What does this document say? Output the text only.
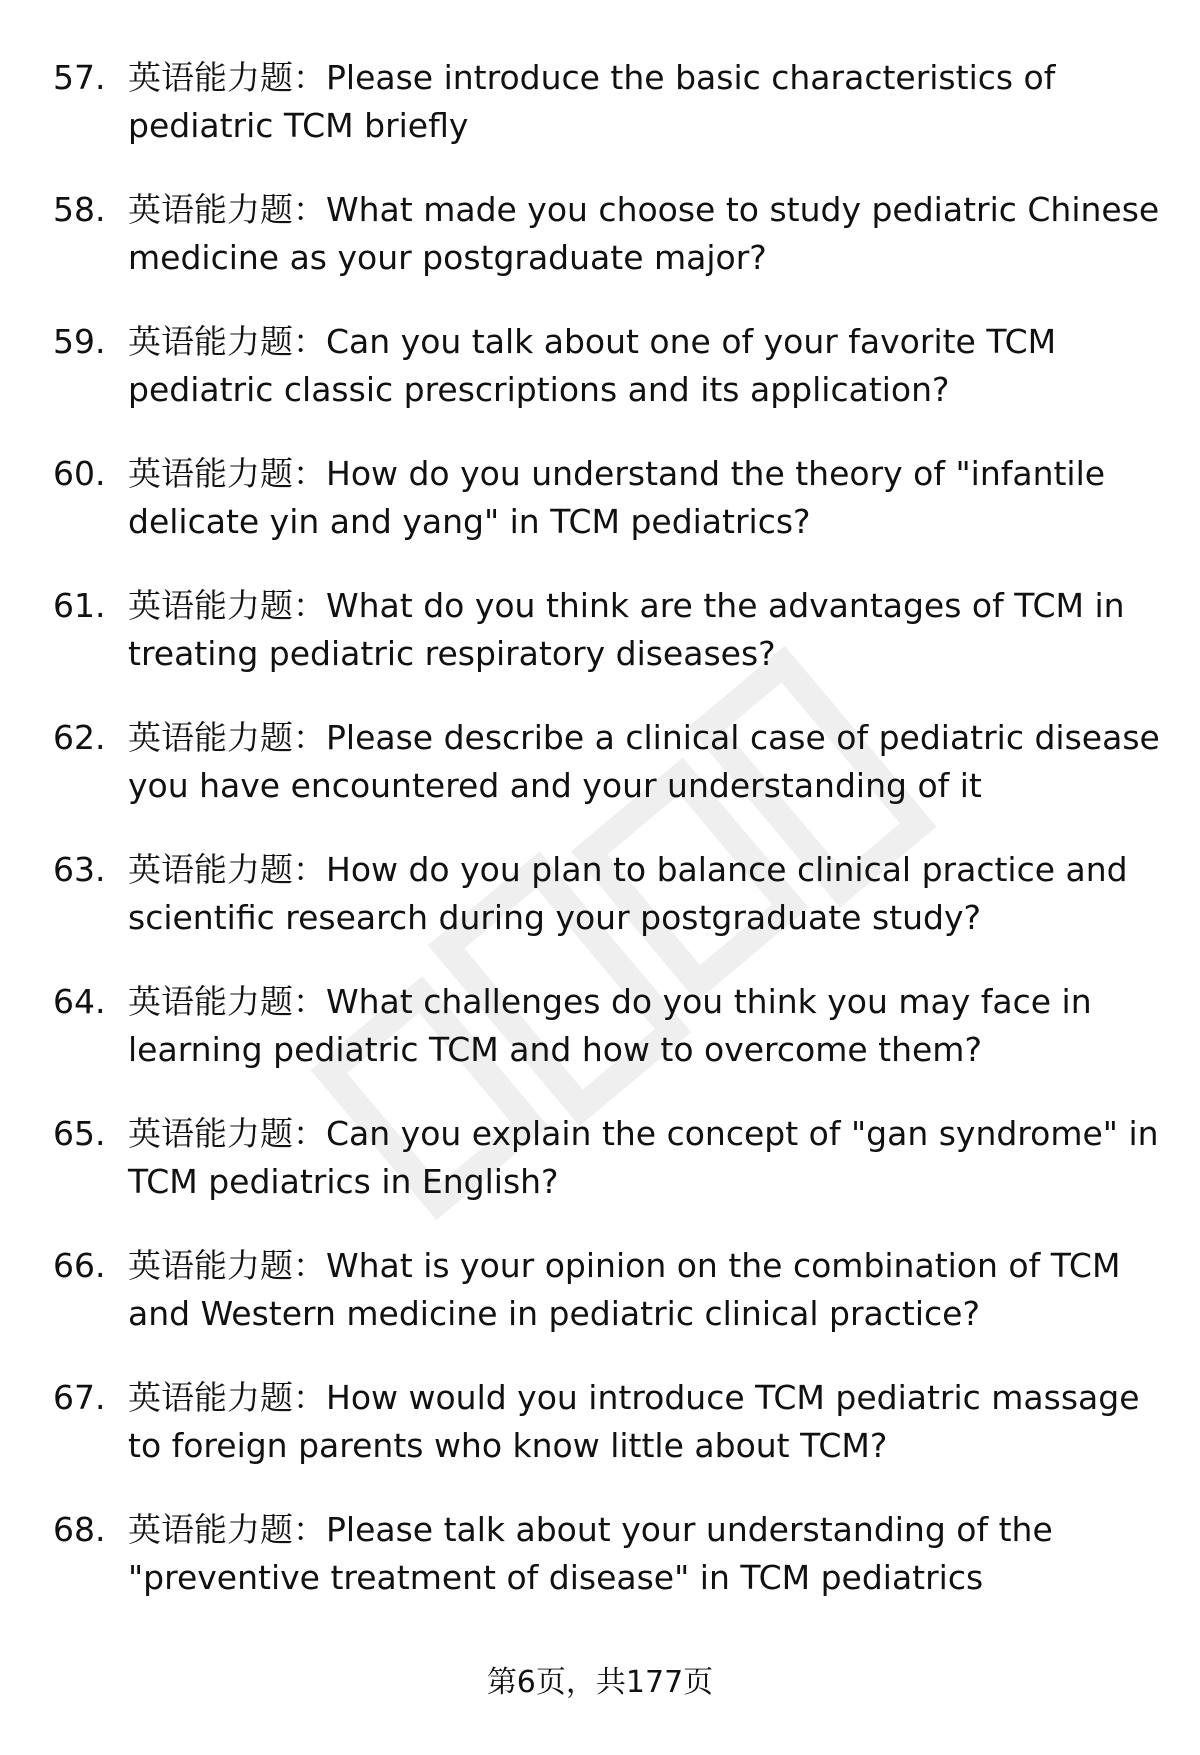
57. 英语能力题：Please introduce the basic characteristics of pediatric TCM briefly
58. 英语能力题：What made you choose to study pediatric Chinese medicine as your postgraduate major?
59. 英语能力题：Can you talk about one of your favorite TCM pediatric classic prescriptions and its application?
60. 英语能力题：How do you understand the theory of "infantile delicate yin and yang" in TCM pediatrics?
61. 英语能力题：What do you think are the advantages of TCM in treating pediatric respiratory diseases?
62. 英语能力题：Please describe a clinical case of pediatric disease you have encountered and your understanding of it
63. 英语能力题：How do you plan to balance clinical practice and scientific research during your postgraduate study?
64. 英语能力题：What challenges do you think you may face in learning pediatric TCM and how to overcome them?
65. 英语能力题：Can you explain the concept of "gan syndrome" in TCM pediatrics in English?
66. 英语能力题：What is your opinion on the combination of TCM and Western medicine in pediatric clinical practice?
67. 英语能力题：How would you introduce TCM pediatric massage to foreign parents who know little about TCM?
68. 英语能力题：Please talk about your understanding of the "preventive treatment of disease" in TCM pediatrics
第6页，共177页
